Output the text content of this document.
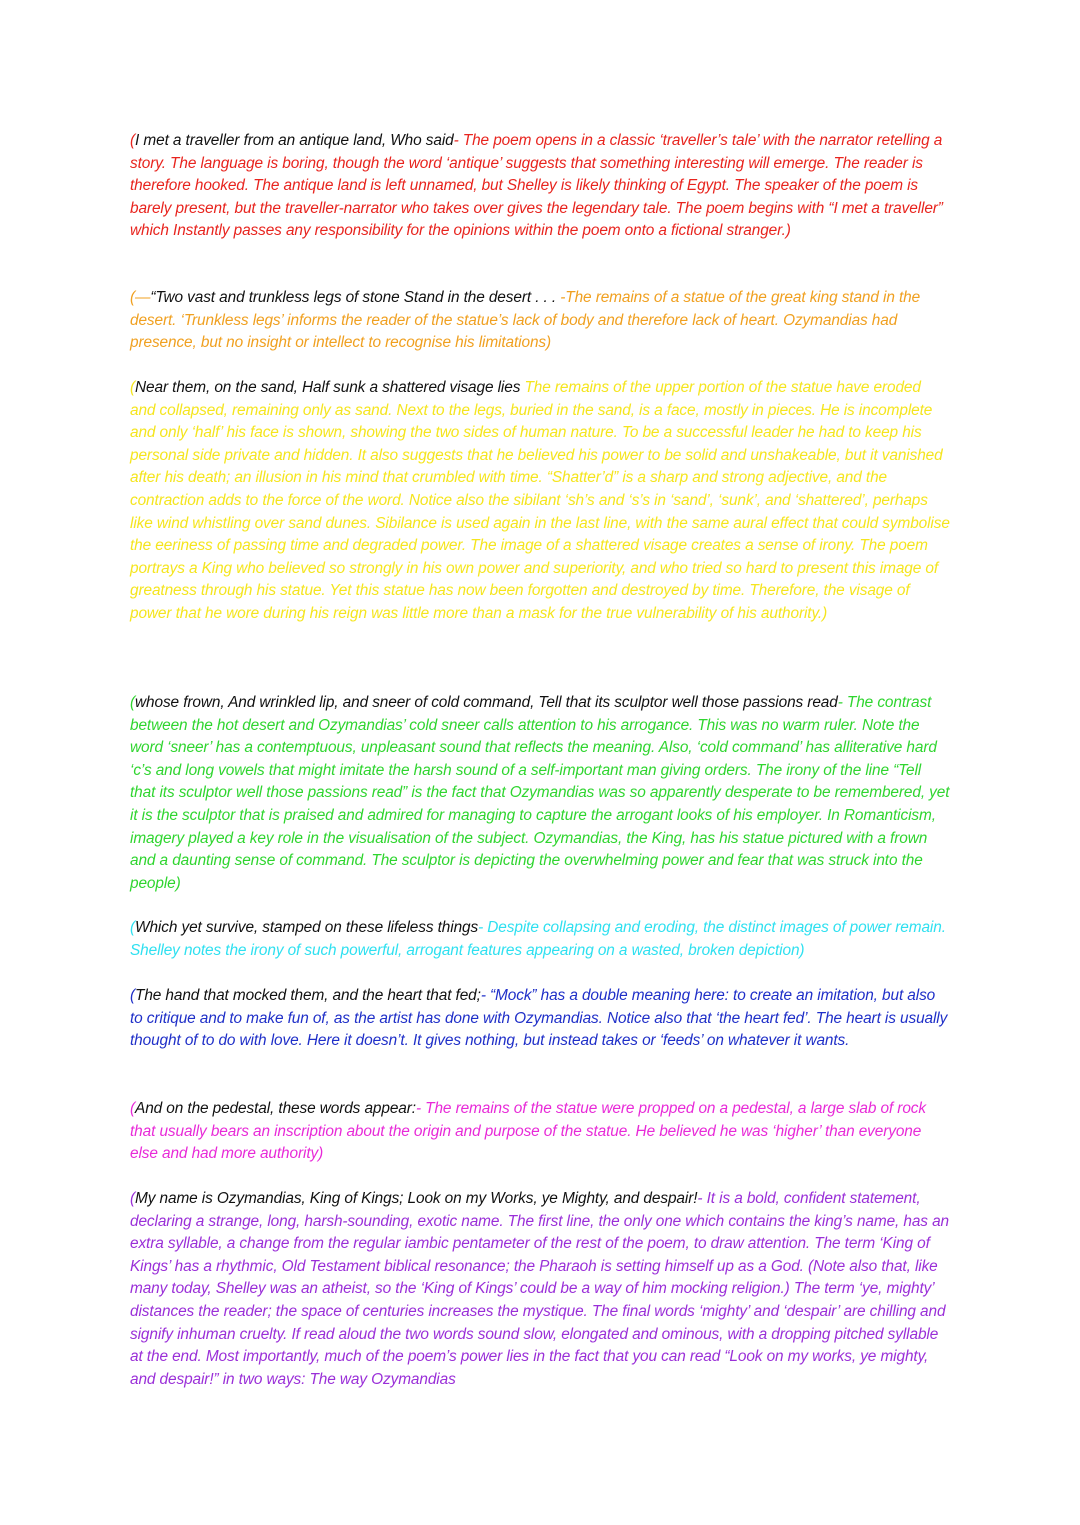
(I met a traveller from an antique land, Who said- The poem opens in a classic ‘traveller’s tale’ with the narrator retelling a story. The language is boring, though the word ‘antique’ suggests that something interesting will emerge. The reader is therefore hooked. The antique land is left unnamed, but Shelley is likely thinking of Egypt. The speaker of the poem is barely present, but the traveller-narrator who takes over gives the legendary tale. The poem begins with “I met a traveller” which Instantly passes any responsibility for the opinions within the poem onto a fictional stranger.)

(—“Two vast and trunkless legs of stone Stand in the desert . . . -The remains of a statue of the great king stand in the desert. ‘Trunkless legs’ informs the reader of the statue’s lack of body and therefore lack of heart. Ozymandias had presence, but no insight or intellect to recognise his limitations)

(Near them, on the sand, Half sunk a shattered visage lies The remains of the upper portion of the statue have eroded and collapsed, remaining only as sand. Next to the legs, buried in the sand, is a face, mostly in pieces. He is incomplete and only ‘half’ his face is shown, showing the two sides of human nature. To be a successful leader he had to keep his personal side private and hidden. It also suggests that he believed his power to be solid and unshakeable, but it vanished after his death; an illusion in his mind that crumbled with time. “Shatter’d” is a sharp and strong adjective, and the contraction adds to the force of the word. Notice also the sibilant ‘sh’s and ‘s’s in ‘sand’, ‘sunk’, and ‘shattered’, perhaps like wind whistling over sand dunes. Sibilance is used again in the last line, with the same aural effect that could symbolise the eeriness of passing time and degraded power. The image of a shattered visage creates a sense of irony. The poem portrays a King who believed so strongly in his own power and superiority, and who tried so hard to present this image of greatness through his statue. Yet this statue has now been forgotten and destroyed by time. Therefore, the visage of power that he wore during his reign was little more than a mask for the true vulnerability of his authority.)

(whose frown, And wrinkled lip, and sneer of cold command, Tell that its sculptor well those passions read- The contrast between the hot desert and Ozymandias’ cold sneer calls attention to his arrogance. This was no warm ruler. Note the word ‘sneer’ has a contemptuous, unpleasant sound that reflects the meaning. Also, ‘cold command’ has alliterative hard ‘c’s and long vowels that might imitate the harsh sound of a self-important man giving orders. The irony of the line “Tell that its sculptor well those passions read” is the fact that Ozymandias was so apparently desperate to be remembered, yet it is the sculptor that is praised and admired for managing to capture the arrogant looks of his employer. In Romanticism, imagery played a key role in the visualisation of the subject. Ozymandias, the King, has his statue pictured with a frown and a daunting sense of command. The sculptor is depicting the overwhelming power and fear that was struck into the people)

(Which yet survive, stamped on these lifeless things- Despite collapsing and eroding, the distinct images of power remain. Shelley notes the irony of such powerful, arrogant features appearing on a wasted, broken depiction)

(The hand that mocked them, and the heart that fed;- “Mock” has a double meaning here: to create an imitation, but also to critique and to make fun of, as the artist has done with Ozymandias. Notice also that ‘the heart fed’. The heart is usually thought of to do with love. Here it doesn’t. It gives nothing, but instead takes or ‘feeds’ on whatever it wants.

(And on the pedestal, these words appear:- The remains of the statue were propped on a pedestal, a large slab of rock that usually bears an inscription about the origin and purpose of the statue. He believed he was ‘higher’ than everyone else and had more authority)

(My name is Ozymandias, King of Kings; Look on my Works, ye Mighty, and despair!- It is a bold, confident statement, declaring a strange, long, harsh-sounding, exotic name. The first line, the only one which contains the king’s name, has an extra syllable, a change from the regular iambic pentameter of the rest of the poem, to draw attention. The term ‘King of Kings’ has a rhythmic, Old Testament biblical resonance; the Pharaoh is setting himself up as a God. (Note also that, like many today, Shelley was an atheist, so the ‘King of Kings’ could be a way of him mocking religion.) The term ‘ye, mighty’ distances the reader; the space of centuries increases the mystique. The final words ‘mighty’ and ‘despair’ are chilling and signify inhuman cruelty. If read aloud the two words sound slow, elongated and ominous, with a dropping pitched syllable at the end. Most importantly, much of the poem’s power lies in the fact that you can read “Look on my works, ye mighty, and despair!” in two ways: The way Ozymandias
